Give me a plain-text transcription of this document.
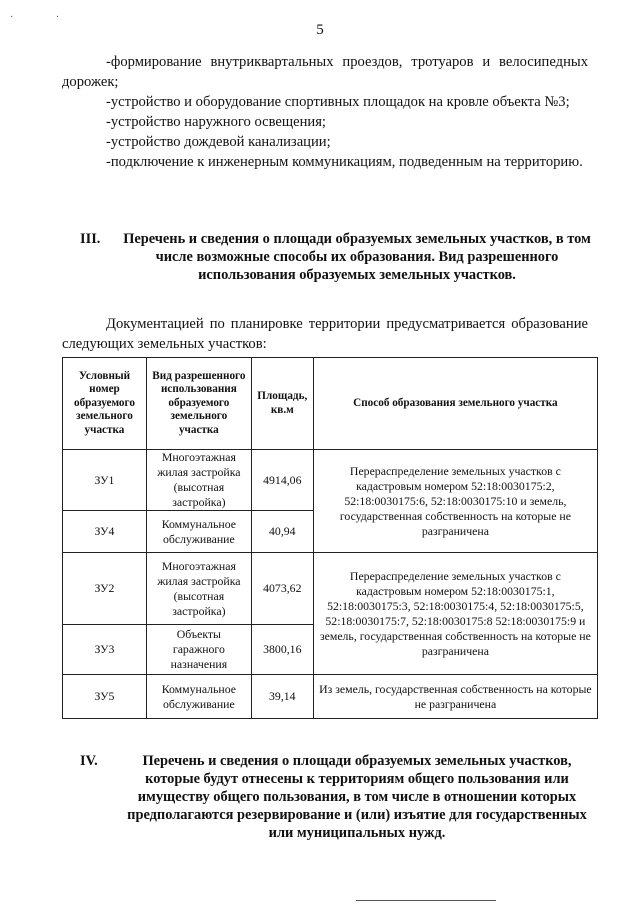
· ·
5

-формирование внутриквартальных проездов, тротуаров и велосипедных дорожек;

-устройство и оборудование спортивных площадок на кровле объекта №3;

-устройство наружного освещения;

-устройство дождевой канализации;

-подключение к инженерным коммуникациям, подведенным на территорию.

III.	Перечень и сведения о площади образуемых земельных участков, в том числе возможные способы их образования. Вид разрешенного использования образуемых земельных участков.

Документацией по планировке территории предусматривается образование следующих земельных участков:

Условный номер образуемого земельного участка	Вид разрешенного использования образуемого земельного участка	Площадь, кв.м	Способ образования земельного участка
ЗУ1	Многоэтажная жилая застройка (высотная застройка)	4914,06	Перераспределение земельных участков с кадастровым номером 52:18:0030175:2, 52:18:0030175:6, 52:18:0030175:10 и земель, государственная собственность на которые не разграничена
ЗУ4	Коммунальное обслуживание	40,94	
ЗУ2	Многоэтажная жилая застройка (высотная застройка)	4073,62	Перераспределение земельных участков с кадастровым номером 52:18:0030175:1, 52:18:0030175:3, 52:18:0030175:4, 52:18:0030175:5, 52:18:0030175:7, 52:18:0030175:8 52:18:0030175:9 и земель, государственная собственность на которые не разграничена
ЗУ3	Объекты гаражного назначения	3800,16	
ЗУ5	Коммунальное обслуживание	39,14	Из земель, государственная собственность на которые не разграничена
IV.	Перечень и сведения о площади образуемых земельных участков, которые будут отнесены к территориям общего пользования или имуществу общего пользования, в том числе в отношении которых предполагаются резервирование и (или) изъятие для государственных или муниципальных нужд.
